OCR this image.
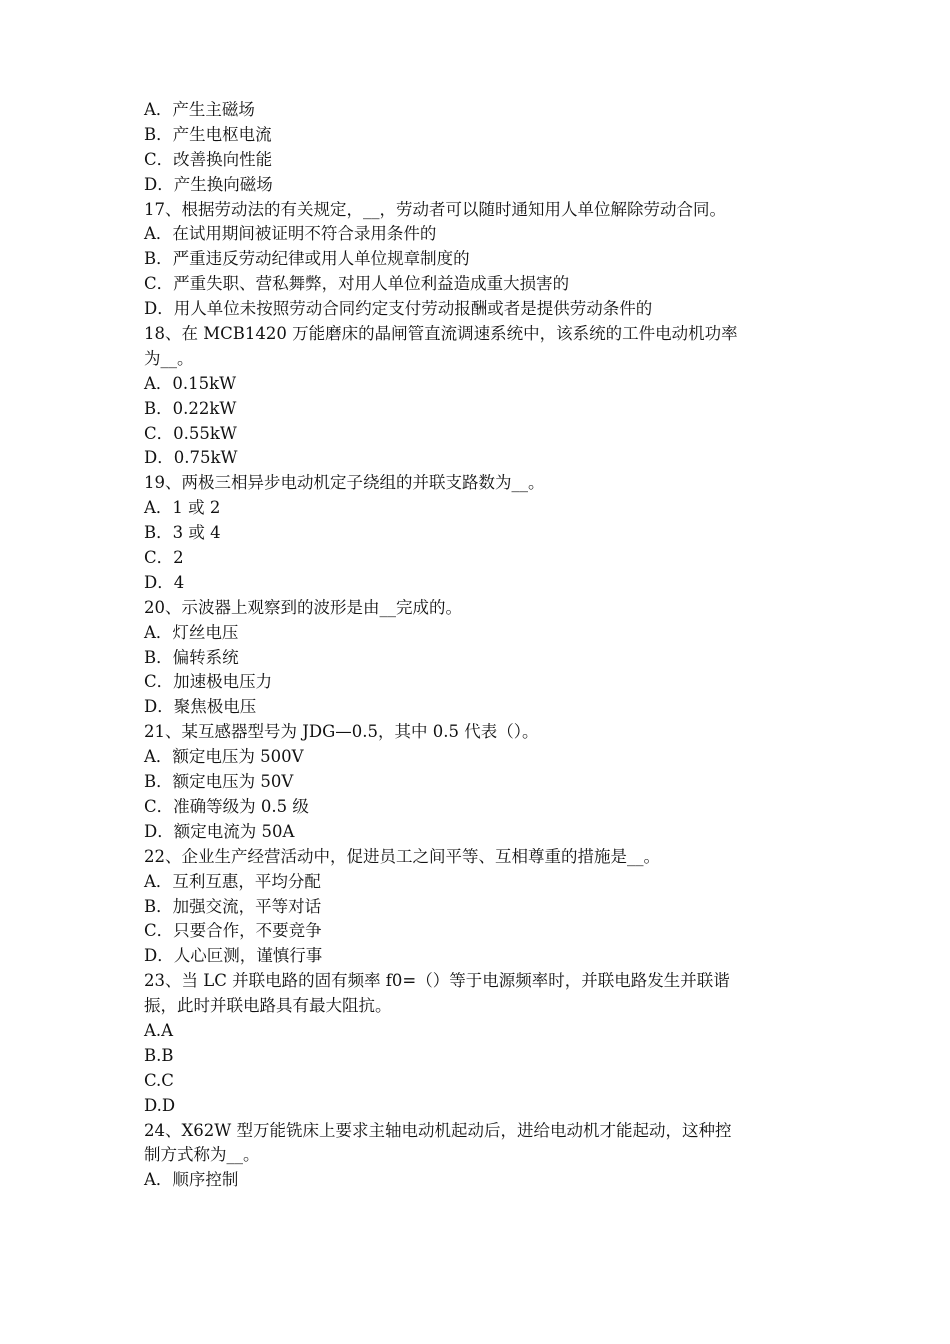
A．产生主磁场
B．产生电枢电流
C．改善换向性能
D．产生换向磁场
17、根据劳动法的有关规定，__，劳动者可以随时通知用人单位解除劳动合同。
A．在试用期间被证明不符合录用条件的
B．严重违反劳动纪律或用人单位规章制度的
C．严重失职、营私舞弊，对用人单位利益造成重大损害的
D．用人单位未按照劳动合同约定支付劳动报酬或者是提供劳动条件的
18、在 MCB1420 万能磨床的晶闸管直流调速系统中，该系统的工件电动机功率
为__。
A．0.15kW
B．0.22kW
C．0.55kW
D．0.75kW
19、两极三相异步电动机定子绕组的并联支路数为__。
A．1 或 2
B．3 或 4
C．2
D．4
20、示波器上观察到的波形是由__完成的。
A．灯丝电压
B．偏转系统
C．加速极电压力
D．聚焦极电压
21、某互感器型号为 JDG—0.5，其中 0.5 代表（）。
A．额定电压为 500V
B．额定电压为 50V
C．准确等级为 0.5 级
D．额定电流为 50A
22、企业生产经营活动中，促进员工之间平等、互相尊重的措施是__。
A．互利互惠，平均分配
B．加强交流，平等对话
C．只要合作，不要竞争
D．人心叵测，谨慎行事
23、当 LC 并联电路的固有频率 f0=（）等于电源频率时，并联电路发生并联谐
振，此时并联电路具有最大阻抗。
A.A
B.B
C.C
D.D
24、X62W 型万能铣床上要求主轴电动机起动后，进给电动机才能起动，这种控
制方式称为__。
A．顺序控制
